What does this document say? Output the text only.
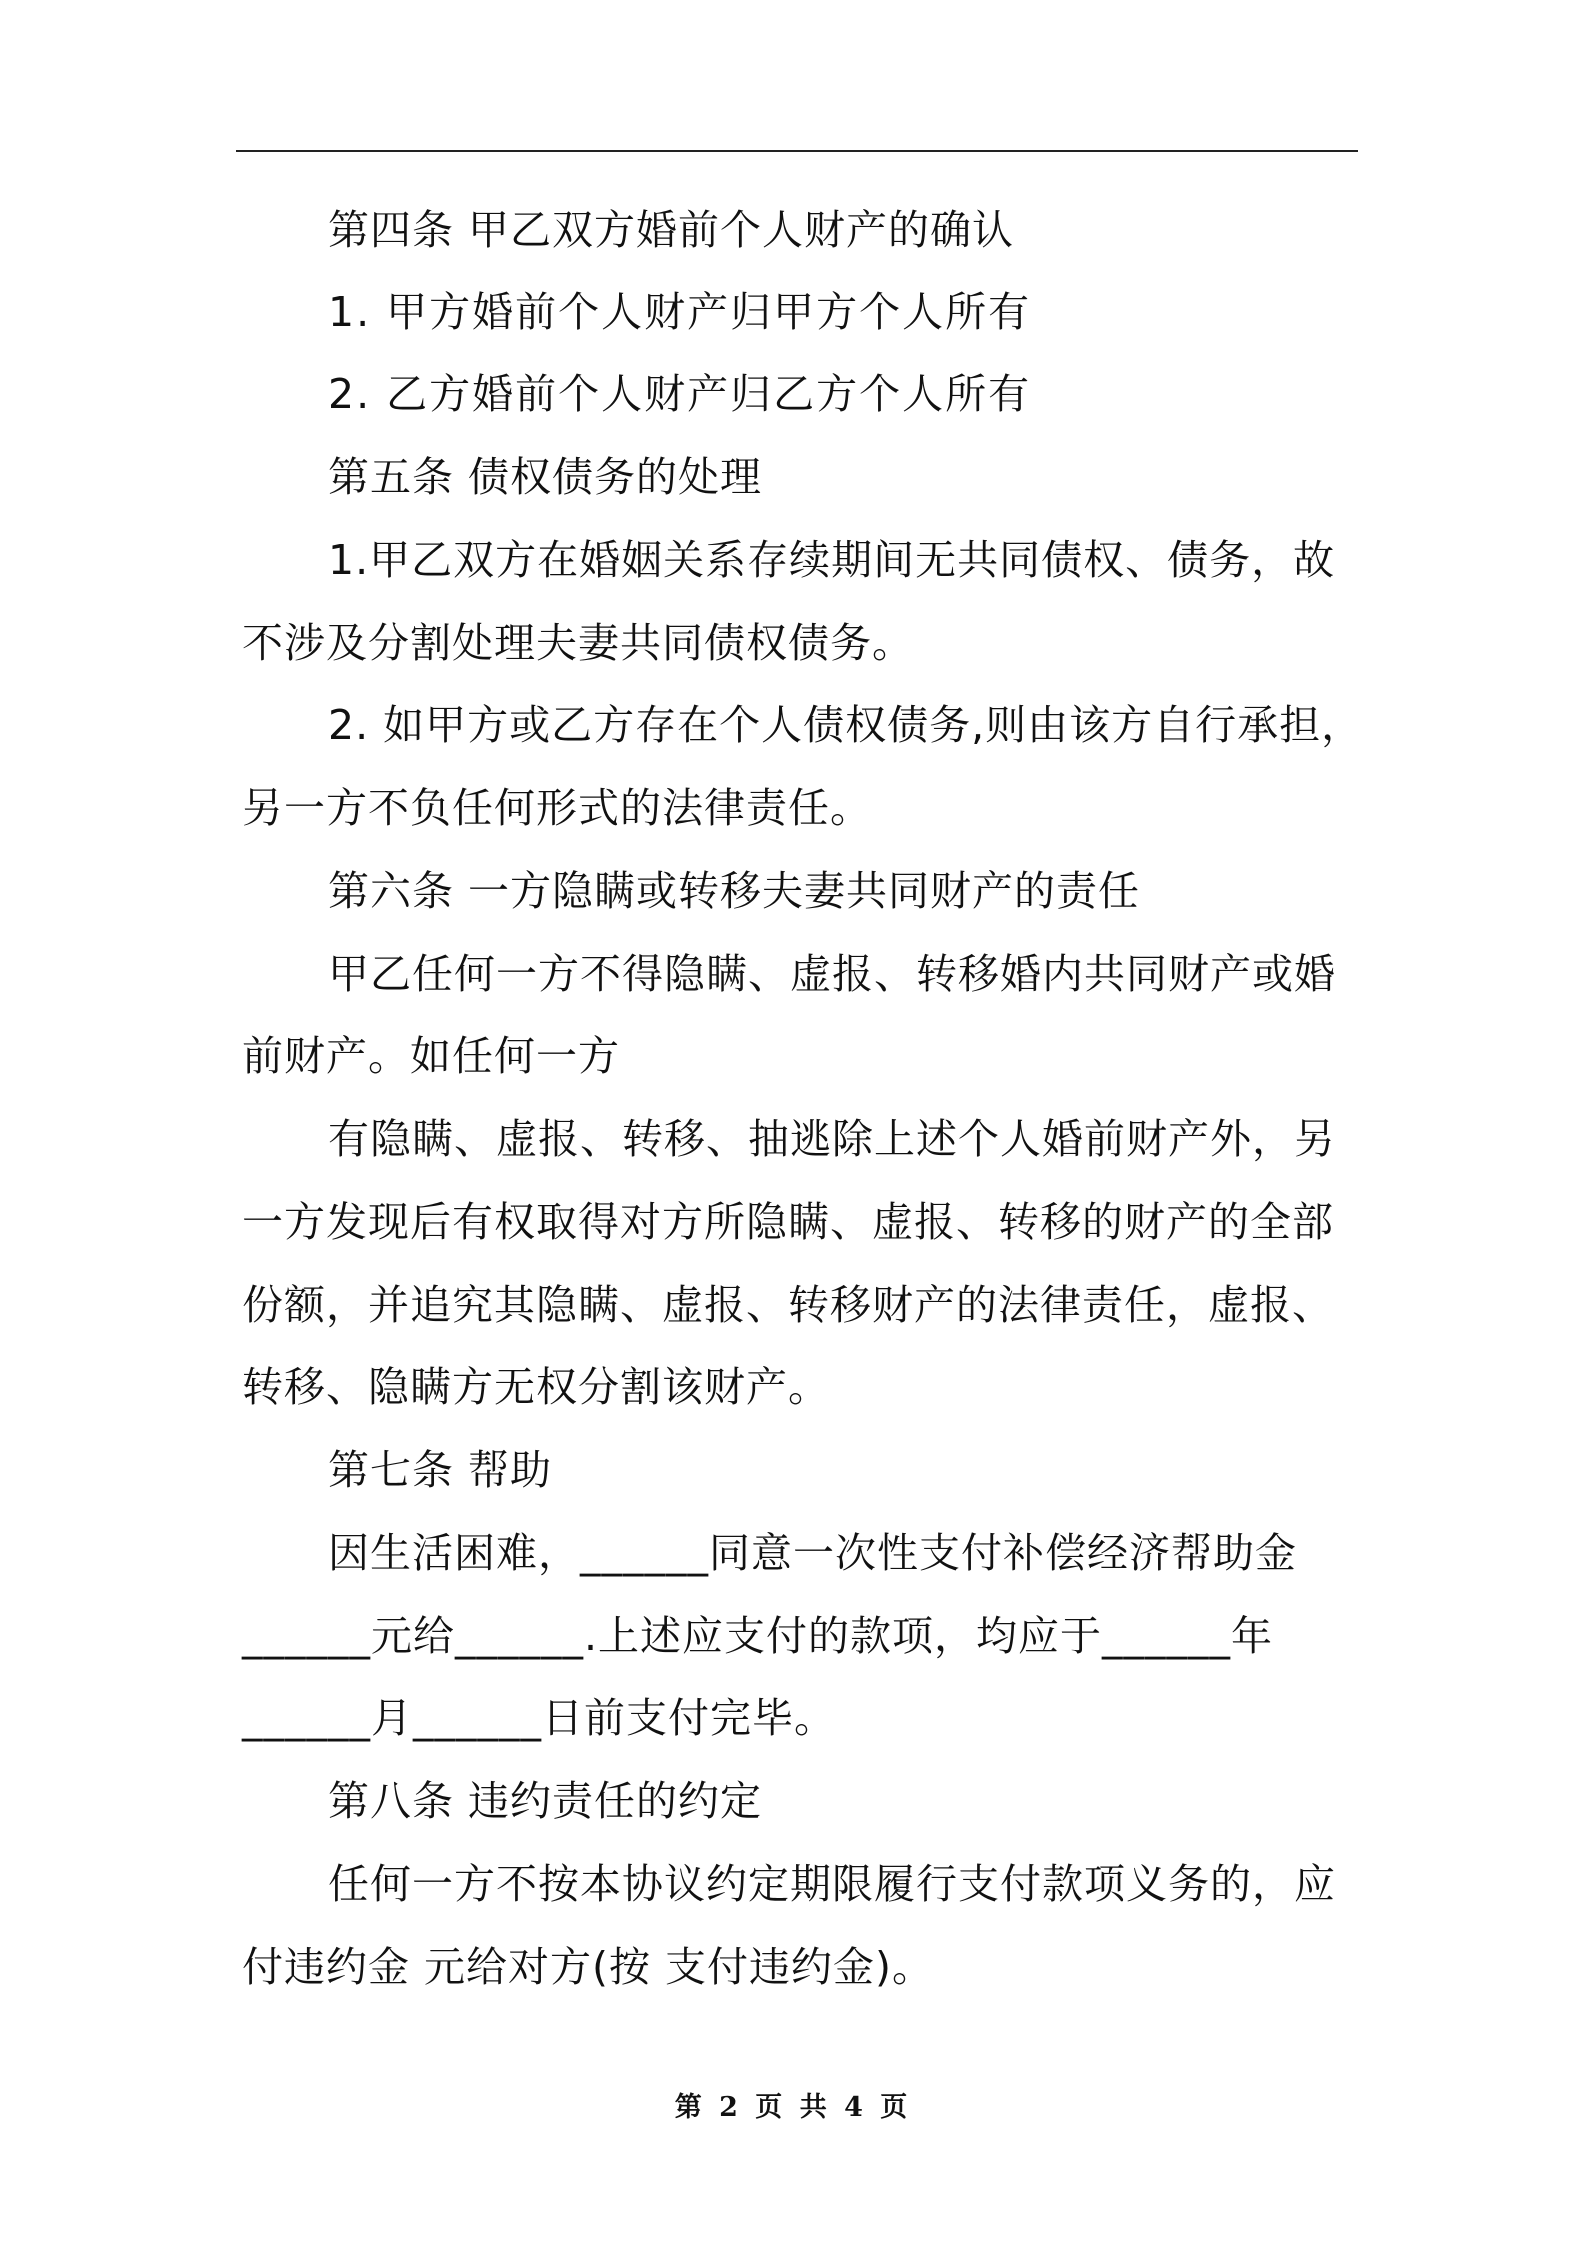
第四条 甲乙双方婚前个人财产的确认
1. 甲方婚前个人财产归甲方个人所有
2. 乙方婚前个人财产归乙方个人所有
第五条 债权债务的处理
1.甲乙双方在婚姻关系存续期间无共同债权、债务，故
不涉及分割处理夫妻共同债权债务。
2. 如甲方或乙方存在个人债权债务,则由该方自行承担，
另一方不负任何形式的法律责任。
第六条 一方隐瞒或转移夫妻共同财产的责任
甲乙任何一方不得隐瞒、虚报、转移婚内共同财产或婚
前财产。如任何一方
有隐瞒、虚报、转移、抽逃除上述个人婚前财产外，另
一方发现后有权取得对方所隐瞒、虚报、转移的财产的全部
份额，并追究其隐瞒、虚报、转移财产的法律责任，虚报、
转移、隐瞒方无权分割该财产。
第七条 帮助
因生活困难，______同意一次性支付补偿经济帮助金
______元给______.上述应支付的款项，均应于______年
______月______日前支付完毕。
第八条 违约责任的约定
任何一方不按本协议约定期限履行支付款项义务的，应
付违约金 元给对方(按 支付违约金)。
第 2 页 共 4 页
